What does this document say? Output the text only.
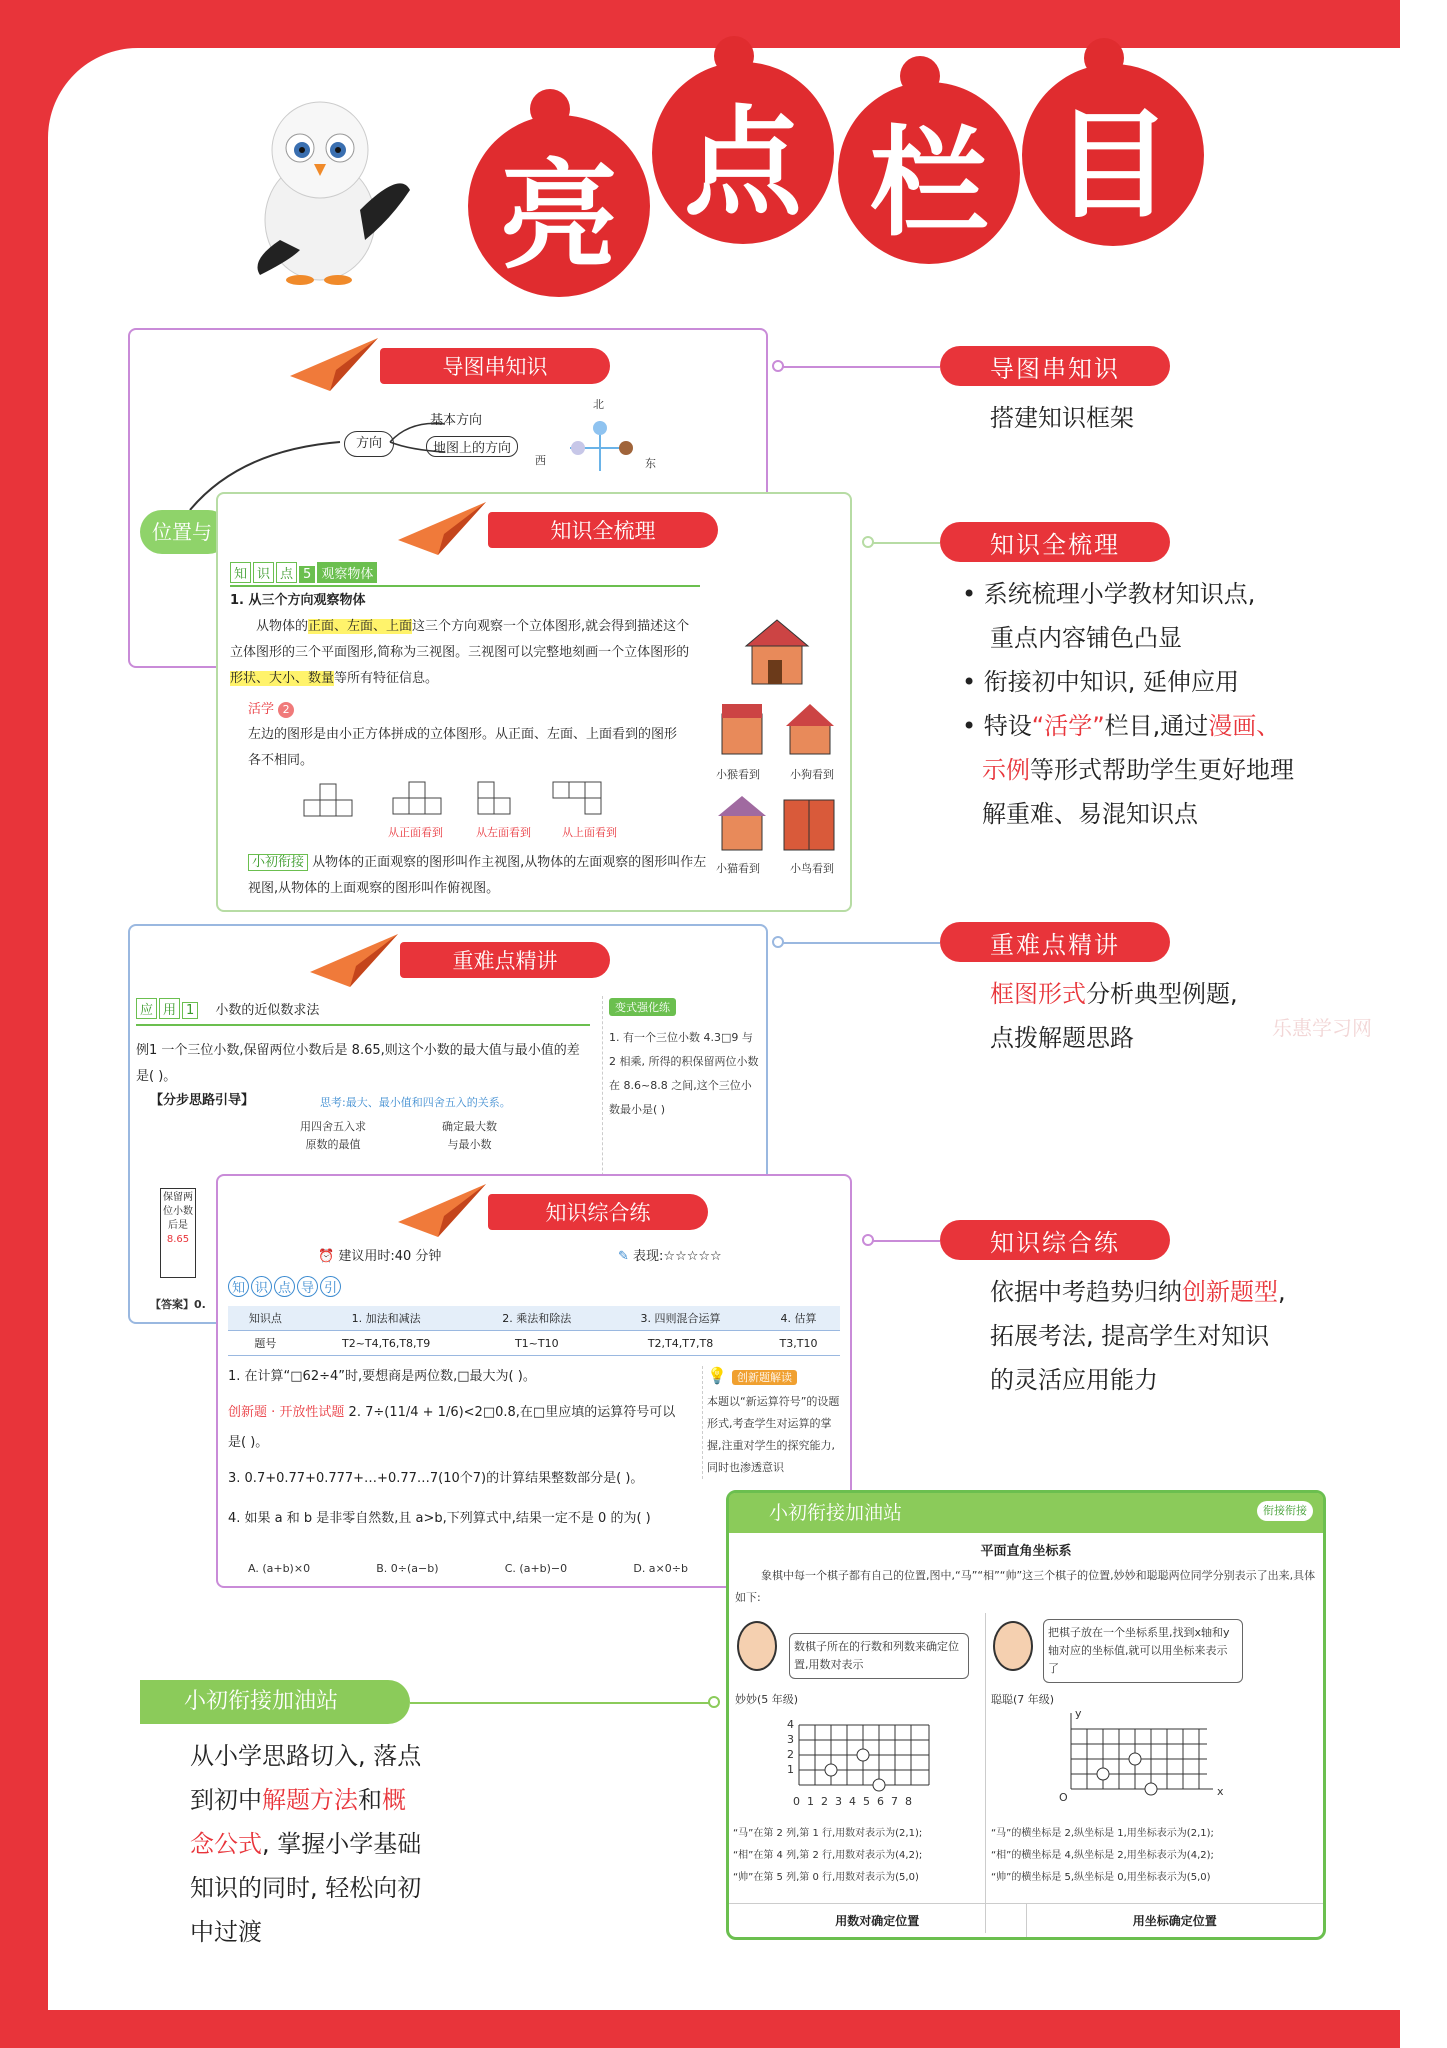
亮 点 栏 目
导图串知识
方向
基本方向
地图上的方向
北
西	东
位置与
导图串知识
搭建知识框架
知识全梳理
知 识 点 5 观察物体
1. 从三个方向观察物体
从物体的正面、左面、上面这三个方向观察一个立体图形,就会得到描述这个立体图形的三个平面图形,简称为三视图。三视图可以完整地刻画一个立体图形的形状、大小、数量等所有特征信息。
活学 2
左边的图形是由小正方体拼成的立体图形。从正面、左面、上面看到的图形各不相同。
从正面看到	从左面看到	从上面看到
小初衔接 从物体的正面观察的图形叫作主视图,从物体的左面观察的图形叫作左视图,从物体的上面观察的图形叫作俯视图。
小猴看到	小狗看到
小猫看到	小鸟看到
知识全梳理
• 系统梳理小学教材知识点,
重点内容铺色凸显
• 衔接初中知识, 延伸应用
• 特设“活学”栏目,通过漫画、
示例等形式帮助学生更好地理
解重难、易混知识点
重难点精讲
应 用 1 小数的近似数求法
例1 一个三位小数,保留两位小数后是 8.65,则这个小数的最大值与最小值的差是( )。
【分步思路引导】	思考:最大、最小值和四舍五入的关系。
用四舍五入求
原数的最值
确定最大数
与最小数
变式强化练
1. 有一个三位小数 4.3□9 与 2 相乘, 所得的积保留两位小数在 8.6~8.8 之间,这个三位小数最小是( )
保留两位小数后是 8.65
【答案】0.
重难点精讲
框图形式分析典型例题,
点拨解题思路	乐惠学习网
知识综合练
⏰ 建议用时:40 分钟	✎ 表现:☆☆☆☆☆
知 识 点 导 引
知识点	1. 加法和减法	2. 乘法和除法	3. 四则混合运算	4. 估算
题号	T2~T4,T6,T8,T9	T1~T10	T2,T4,T7,T8	T3,T10
1. 在计算“□62÷4”时,要想商是两位数,□最大为( )。
创新题 · 开放性试题 2. 7÷(11/4 + 1/6)<2□0.8,在□里应填的运算符号可以是( )。
3. 0.7+0.77+0.777+…+0.77…7(10个7)的计算结果整数部分是( )。
4. 如果 a 和 b 是非零自然数,且 a>b,下列算式中,结果一定不是 0 的为( )
A. (a+b)×0	B. 0÷(a−b)	C. (a+b)−0	D. a×0÷b
💡 创新题解读
本题以“新运算符号”的设题形式,考查学生对运算的掌握,注重对学生的探究能力,同时也渗透意识
知识综合练
依据中考趋势归纳创新题型,
拓展考法, 提高学生对知识
的灵活应用能力
小初衔接加油站	衔接衔接
平面直角坐标系
象棋中每一个棋子都有自己的位置,图中,“马”“相”“帅”这三个棋子的位置,妙妙和聪聪两位同学分别表示了出来,具体如下:
数棋子所在的行数和列数来确定位置,用数对表示
把棋子放在一个坐标系里,找到x轴和y轴对应的坐标值,就可以用坐标来表示了
妙妙(5 年级)	聪聪(7 年级)
012345678
4
3
2
1
y
x
O
“马”在第 2 列,第 1 行,用数对表示为(2,1);
“相”在第 4 列,第 2 行,用数对表示为(4,2);
“帅”在第 5 列,第 0 行,用数对表示为(5,0)
“马”的横坐标是 2,纵坐标是 1,用坐标表示为(2,1);
“相”的横坐标是 4,纵坐标是 2,用坐标表示为(4,2);
“帅”的横坐标是 5,纵坐标是 0,用坐标表示为(5,0)
用数对确定位置	用坐标确定位置
小初衔接加油站
从小学思路切入, 落点
到初中解题方法和概
念公式, 掌握小学基础
知识的同时, 轻松向初
中过渡
